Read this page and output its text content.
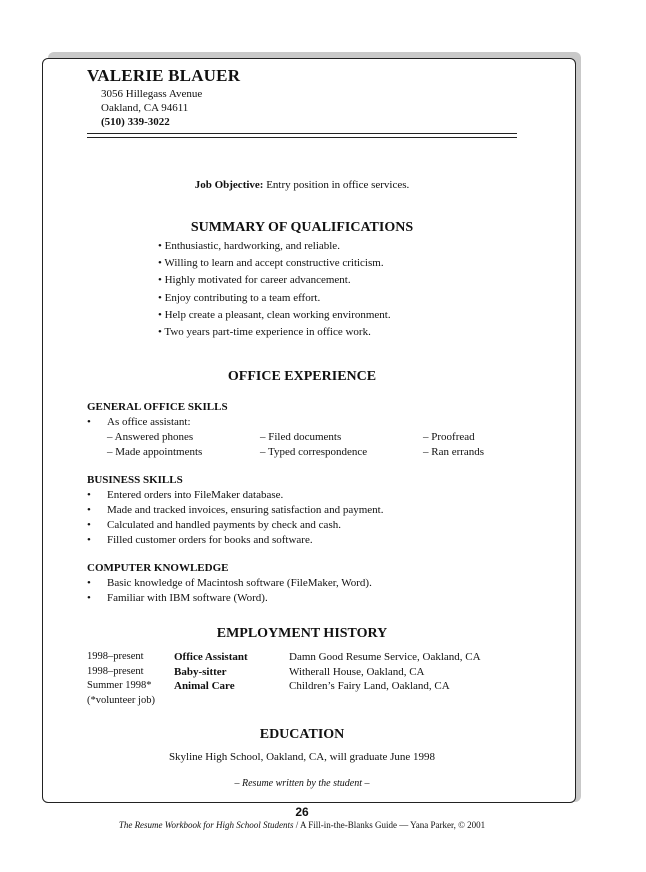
VALERIE BLAUER
3056 Hillegass Avenue
Oakland, CA 94611
(510) 339-3022
Job Objective: Entry position in office services.
SUMMARY OF QUALIFICATIONS
• Enthusiastic, hardworking, and reliable.
• Willing to learn and accept constructive criticism.
• Highly motivated for career advancement.
• Enjoy contributing to a team effort.
• Help create a pleasant, clean working environment.
• Two years part-time experience in office work.
OFFICE EXPERIENCE
GENERAL OFFICE SKILLS
• As office assistant:
– Answered phones	– Filed documents	– Proofread
– Made appointments	– Typed correspondence	– Ran errands
BUSINESS SKILLS
• Entered orders into FileMaker database.
• Made and tracked invoices, ensuring satisfaction and payment.
• Calculated and handled payments by check and cash.
• Filled customer orders for books and software.
COMPUTER KNOWLEDGE
• Basic knowledge of Macintosh software (FileMaker, Word).
• Familiar with IBM software (Word).
EMPLOYMENT HISTORY
1998–present	Office Assistant	Damn Good Resume Service, Oakland, CA
1998–present	Baby-sitter	Witherall House, Oakland, CA
Summer 1998* Animal Care	Children’s Fairy Land, Oakland, CA
(*volunteer job)
EDUCATION
Skyline High School, Oakland, CA, will graduate June 1998
– Resume written by the student –
26
The Resume Workbook for High School Students / A Fill-in-the-Blanks Guide — Yana Parker, © 2001
